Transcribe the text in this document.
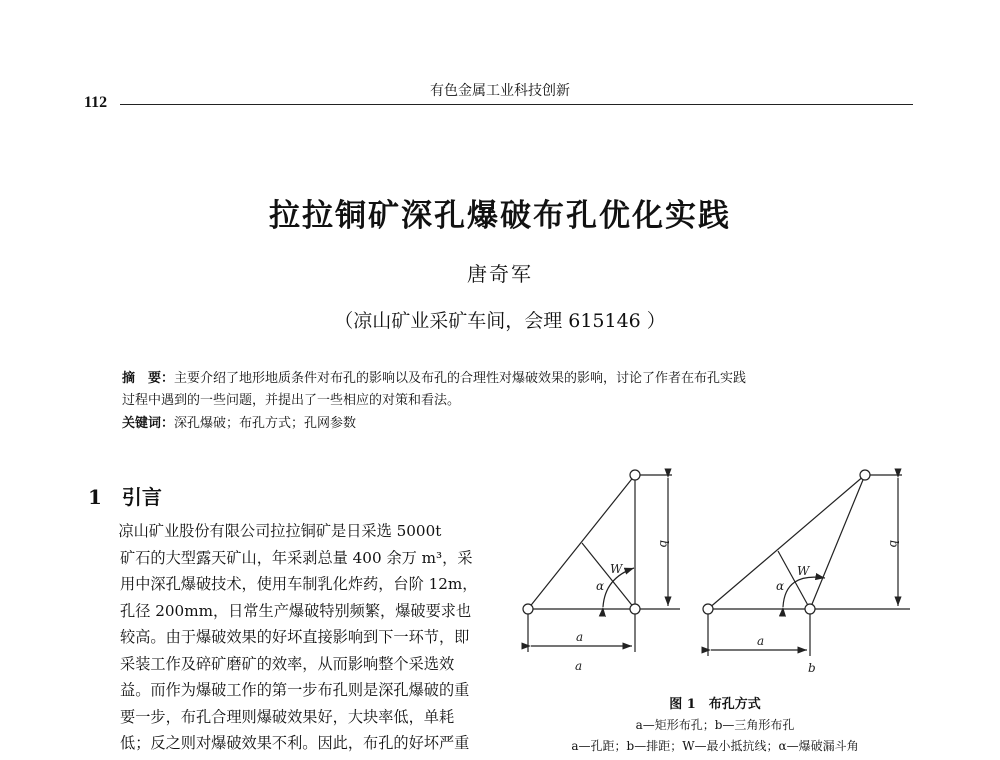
112
有色金属工业科技创新
拉拉铜矿深孔爆破布孔优化实践
唐奇军
（凉山矿业采矿车间，会理 615146 ）
摘　要：主要介绍了地形地质条件对布孔的影响以及布孔的合理性对爆破效果的影响，讨论了作者在布孔实践
过程中遇到的一些问题，并提出了一些相应的对策和看法。
关键词：深孔爆破；布孔方式；孔网参数
1　引言

　　凉山矿业股份有限公司拉拉铜矿是日采选 5000t

矿石的大型露天矿山，年采剥总量 400 余万 m³，采

用中深孔爆破技术，使用车制乳化炸药，台阶 12m，

孔径 200mm，日常生产爆破特别频繁，爆破要求也

较高。由于爆破效果的好坏直接影响到下一环节，即

采装工作及碎矿磨矿的效率，从而影响整个采选效

益。而作为爆破工作的第一步布孔则是深孔爆破的重

要一步，布孔合理则爆破效果好，大块率低，单耗

低；反之则对爆破效果不利。因此，布孔的好坏严重

a
b
W
α
a
a
b
W
α
b
图 1　布孔方式
a—矩形布孔；b—三角形布孔
a—孔距；b—排距；W—最小抵抗线；α—爆破漏斗角
